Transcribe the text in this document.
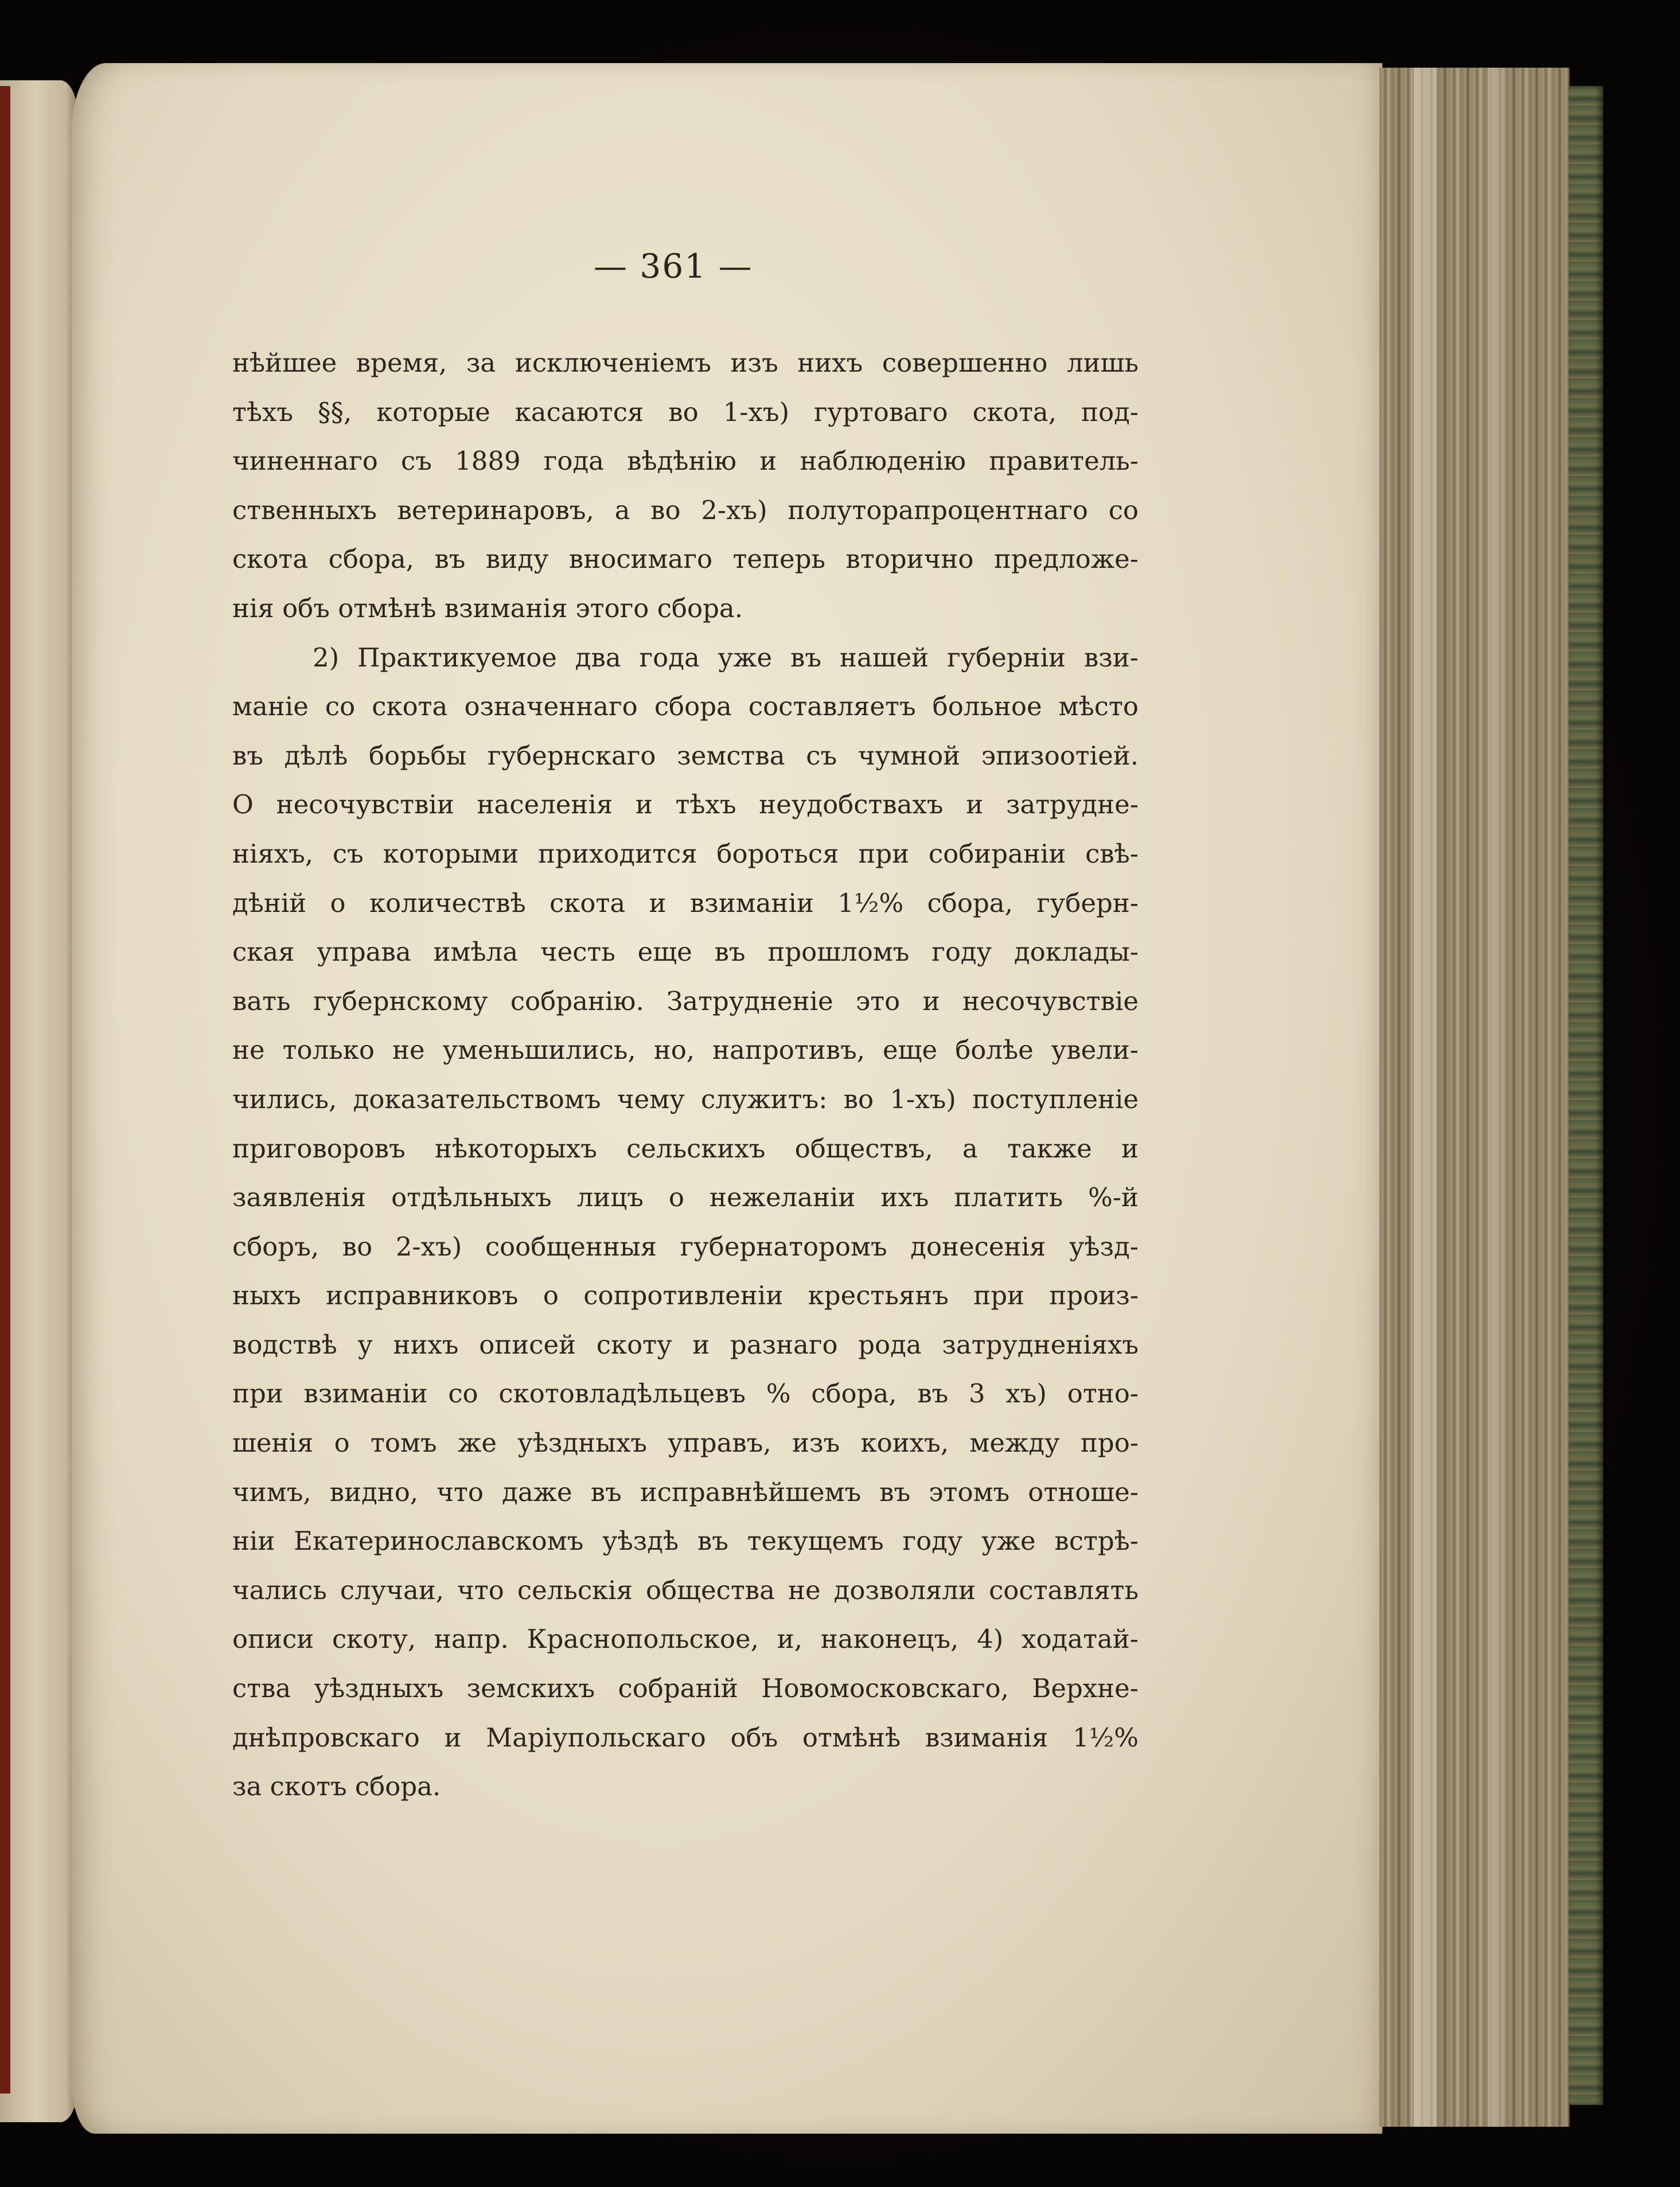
— 361 —
нѣйшее время, за исключеніемъ изъ нихъ совершенно лишь
тѣхъ §§, которые касаются во 1-хъ) гуртоваго скота, под-
чиненнаго съ 1889 года вѣдѣнію и наблюденію правитель-
ственныхъ ветеринаровъ, а во 2-хъ) полуторапроцентнаго со
скота сбора, въ виду вносимаго теперь вторично предложе-
нія объ отмѣнѣ взиманія этого сбора.
2) Практикуемое два года уже въ нашей губерніи взи-
маніе со скота означеннаго сбора составляетъ больное мѣсто
въ дѣлѣ борьбы губернскаго земства съ чумной эпизоотіей.
О несочувствіи населенія и тѣхъ неудобствахъ и затрудне-
ніяхъ, съ которыми приходится бороться при собираніи свѣ-
дѣній о количествѣ скота и взиманіи 1½% сбора, губерн-
ская управа имѣла честь еще въ прошломъ году доклады-
вать губернскому собранію. Затрудненіе это и несочувствіе
не только не уменьшились, но, напротивъ, еще болѣе увели-
чились, доказательствомъ чему служитъ: во 1-хъ) поступленіе
приговоровъ нѣкоторыхъ сельскихъ обществъ, а также и
заявленія отдѣльныхъ лицъ о нежеланіи ихъ платить %-й
сборъ, во 2-хъ) сообщенныя губернаторомъ донесенія уѣзд-
ныхъ исправниковъ о сопротивленіи крестьянъ при произ-
водствѣ у нихъ описей скоту и разнаго рода затрудненіяхъ
при взиманіи со скотовладѣльцевъ % сбора, въ 3 хъ) отно-
шенія о томъ же уѣздныхъ управъ, изъ коихъ, между про-
чимъ, видно, что даже въ исправнѣйшемъ въ этомъ отноше-
ніи Екатеринославскомъ уѣздѣ въ текущемъ году уже встрѣ-
чались случаи, что сельскія общества не дозволяли составлять
описи скоту, напр. Краснопольское, и, наконецъ, 4) ходатай-
ства уѣздныхъ земскихъ собраній Новомосковскаго, Верхне-
днѣпровскаго и Маріупольскаго объ отмѣнѣ взиманія 1½%
за скотъ сбора.
